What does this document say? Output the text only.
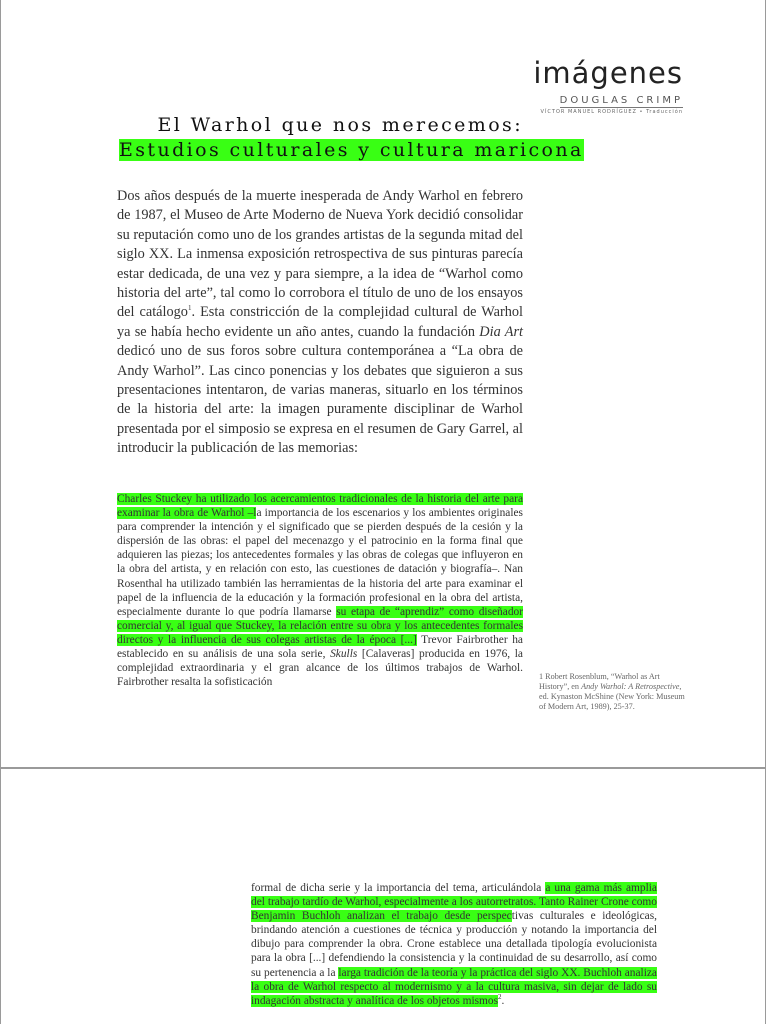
imágenes
DOUGLAS CRIMP
VÍCTOR MANUEL RODRÍGUEZ • Traducción
El Warhol que nos merecemos:
Estudios culturales y cultura maricona
Dos años después de la muerte inesperada de Andy Warhol en febrero de 1987, el Museo de Arte Moderno de Nueva York decidió consolidar su reputación como uno de los grandes artistas de la segunda mitad del siglo XX. La inmensa exposición retrospectiva de sus pinturas parecía estar dedicada, de una vez y para siempre, a la idea de “Warhol como historia del arte”, tal como lo corrobora el título de uno de los ensayos del catálogo$^1$. Esta constricción de la complejidad cultural de Warhol ya se había hecho evidente un año antes, cuando la fundación Dia Art dedicó uno de sus foros sobre cultura contemporánea a “La obra de Andy Warhol”. Las cinco ponencias y los debates que siguieron a sus presentaciones intentaron, de varias maneras, situarlo en los términos de la historia del arte: la imagen puramente disciplinar de Warhol presentada por el simposio se expresa en el resumen de Gary Garrel, al introducir la publicación de las memorias:
Charles Stuckey ha utilizado los acercamientos tradicionales de la historia del arte para examinar la obra de Warhol –la importancia de los escenarios y los ambientes originales para comprender la intención y el significado que se pierden después de la cesión y la dispersión de las obras: el papel del mecenazgo y el patrocinio en la forma final que adquieren las piezas; los antecedentes formales y las obras de colegas que influyeron en la obra del artista, y en relación con esto, las cuestiones de datación y biografía–. Nan Rosenthal ha utilizado también las herramientas de la historia del arte para examinar el papel de la influencia de la educación y la formación profesional en la obra del artista, especialmente durante lo que podría llamarse su etapa de “aprendiz” como diseñador comercial y, al igual que Stuckey, la relación entre su obra y los antecedentes formales directos y la influencia de sus colegas artistas de la época [...] Trevor Fairbrother ha establecido en su análisis de una sola serie, Skulls [Calaveras] producida en 1976, la complejidad extraordinaria y el gran alcance de los últimos trabajos de Warhol. Fairbrother resalta la sofisticación	1 Robert Rosenblum, “Warhol as Art History”, en Andy Warhol: A Retrospective, ed. Kynaston McShine (New York: Museum of Modern Art, 1989), 25-37.
formal de dicha serie y la importancia del tema, articulándola a una gama más amplia del trabajo tardío de Warhol, especialmente a los autorretratos. Tanto Rainer Crone como Benjamin Buchloh analizan el trabajo desde perspectivas culturales e ideológicas, brindando atención a cuestiones de técnica y producción y notando la importancia del dibujo para comprender la obra. Crone establece una detallada tipología evolucionista para la obra [...] defendiendo la consistencia y la continuidad de su desarrollo, así como su pertenencia a la larga tradición de la teoría y la práctica del siglo XX. Buchloh analiza la obra de Warhol respecto al modernismo y a la cultura masiva, sin dejar de lado su indagación abstracta y analítica de los objetos mismos$^2$.
